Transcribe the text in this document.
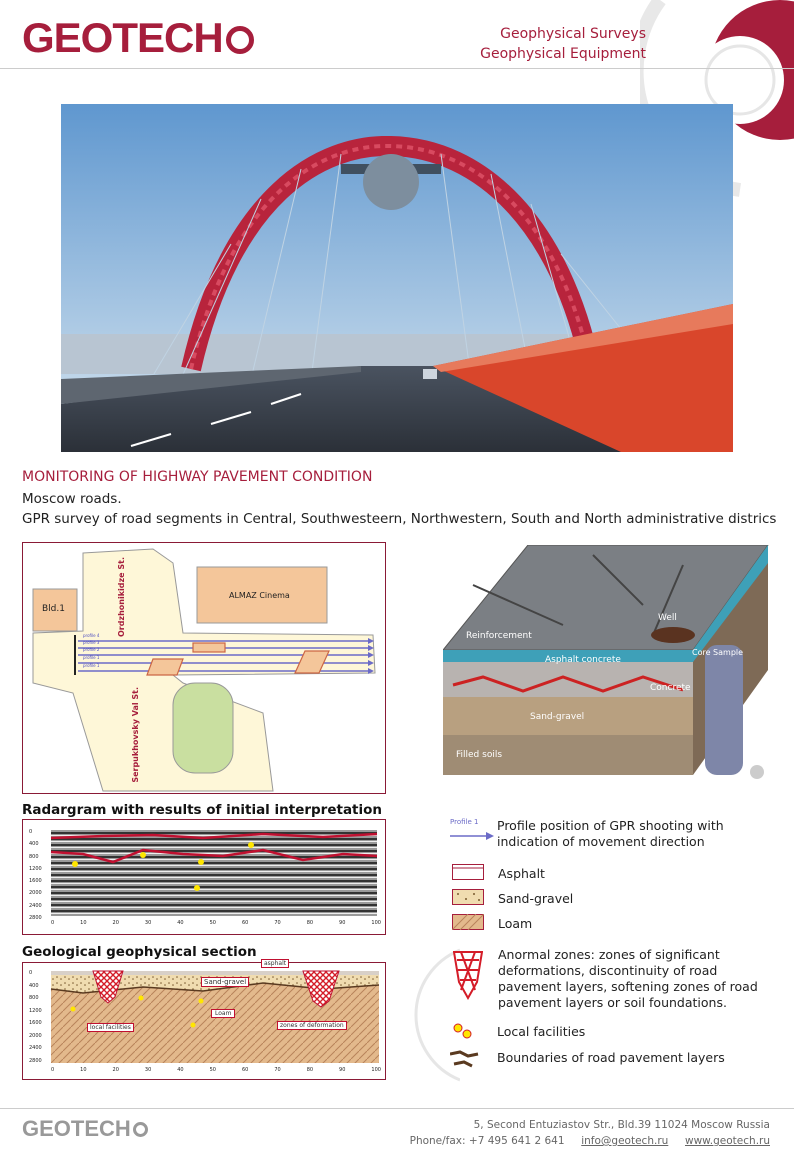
GEOTECH	Geophysical Surveys
Geophysical Equipment
MONITORING OF HIGHWAY PAVEMENT CONDITION
Moscow roads.
GPR survey of road segments in Central, Southwesteern, Northwestern, South and North administrative districs
Bld.1
ALMAZ Cinema
Ordzhonikidze St.
Serpukhovsky Val St.
profile 4
profile 3
profile 2
profile 1
profile 1
Reinforcement
Well
Core Sample
Asphalt concrete
Concrete
Sand-gravel
Filled soils
Radargram with results of initial interpretation
0
400
800
1200
1600
2000
2400
2800
0	10	20	30	40	50	60	70	80	90	100
Geological geophysical section
asphalt
Sand-gravel
Loam
local facilities	zones of deformation
0
400
800
1200
1600
2000
2400
2800
0	10	20	30	40	50	60	70	80	90	100
Profile 1	Profile position of GPR shooting with indication of movement direction
Asphalt
Sand-gravel
Loam
Anormal zones: zones of significant deformations, discontinuity of road pavement layers, softening zones of road pavement layers or soil foundations.
Local facilities
Boundaries of road pavement layers
GEOTECH	5, Second Entuziastov Str., Bld.39 11024 Moscow Russia
Phone/fax: +7 495 641 2 641 info@geotech.ru www.geotech.ru
